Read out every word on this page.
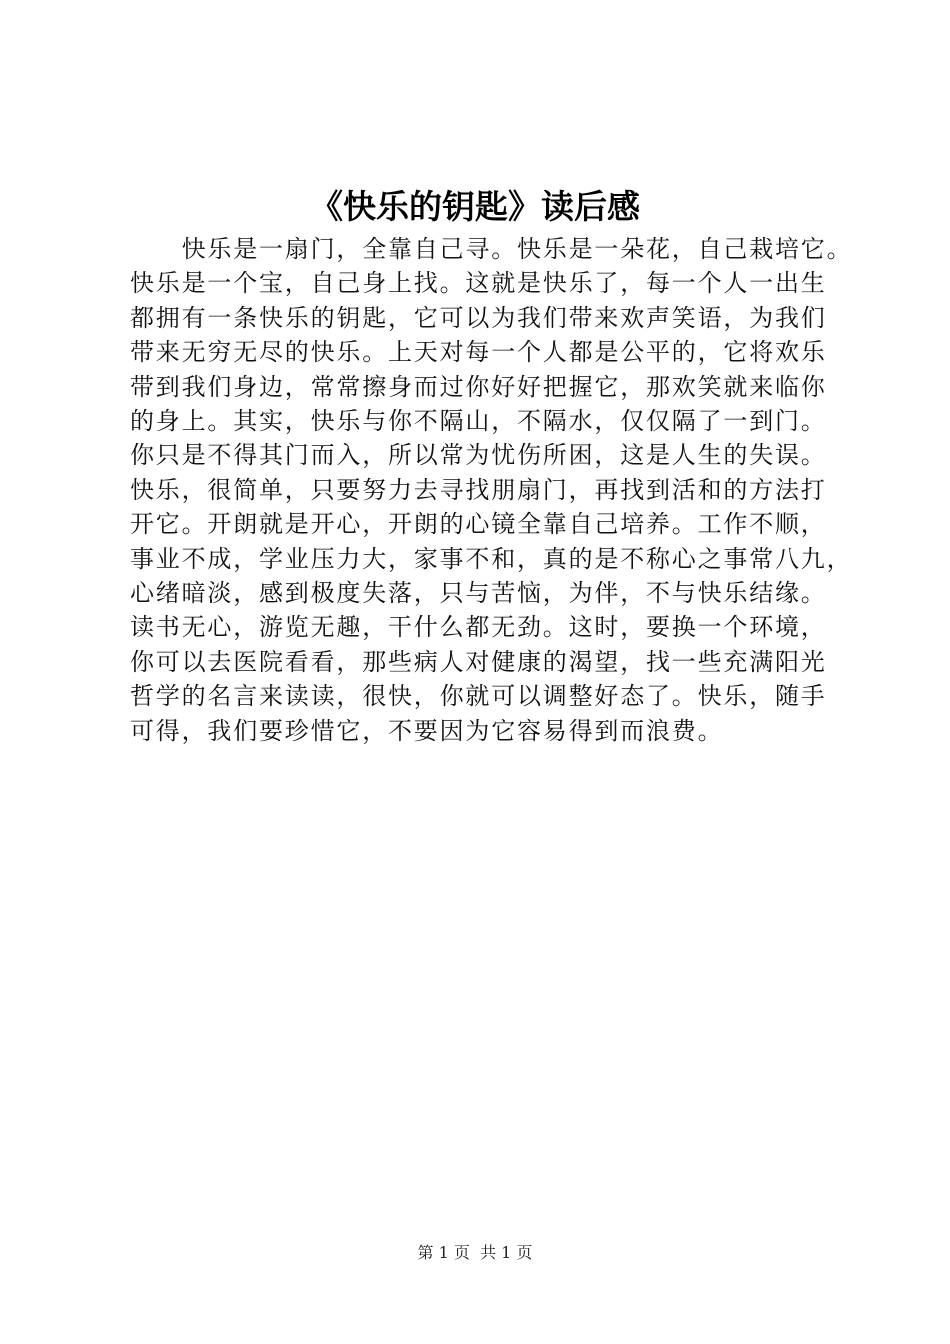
《快乐的钥匙》读后感
　　快乐是一扇门，全靠自己寻。快乐是一朵花，自己栽培它。
快乐是一个宝，自己身上找。这就是快乐了，每一个人一出生
都拥有一条快乐的钥匙，它可以为我们带来欢声笑语，为我们
带来无穷无尽的快乐。上天对每一个人都是公平的，它将欢乐
带到我们身边，常常擦身而过你好好把握它，那欢笑就来临你
的身上。其实，快乐与你不隔山，不隔水，仅仅隔了一到门。
你只是不得其门而入，所以常为忧伤所困，这是人生的失误。
快乐，很简单，只要努力去寻找朋扇门，再找到活和的方法打
开它。开朗就是开心，开朗的心镜全靠自己培养。工作不顺，
事业不成，学业压力大，家事不和，真的是不称心之事常八九，
心绪暗淡，感到极度失落，只与苦恼，为伴，不与快乐结缘。
读书无心，游览无趣，干什么都无劲。这时，要换一个环境，
你可以去医院看看，那些病人对健康的渴望，找一些充满阳光
哲学的名言来读读，很快，你就可以调整好态了。快乐，随手
可得，我们要珍惜它，不要因为它容易得到而浪费。
第 1 页  共 1 页
